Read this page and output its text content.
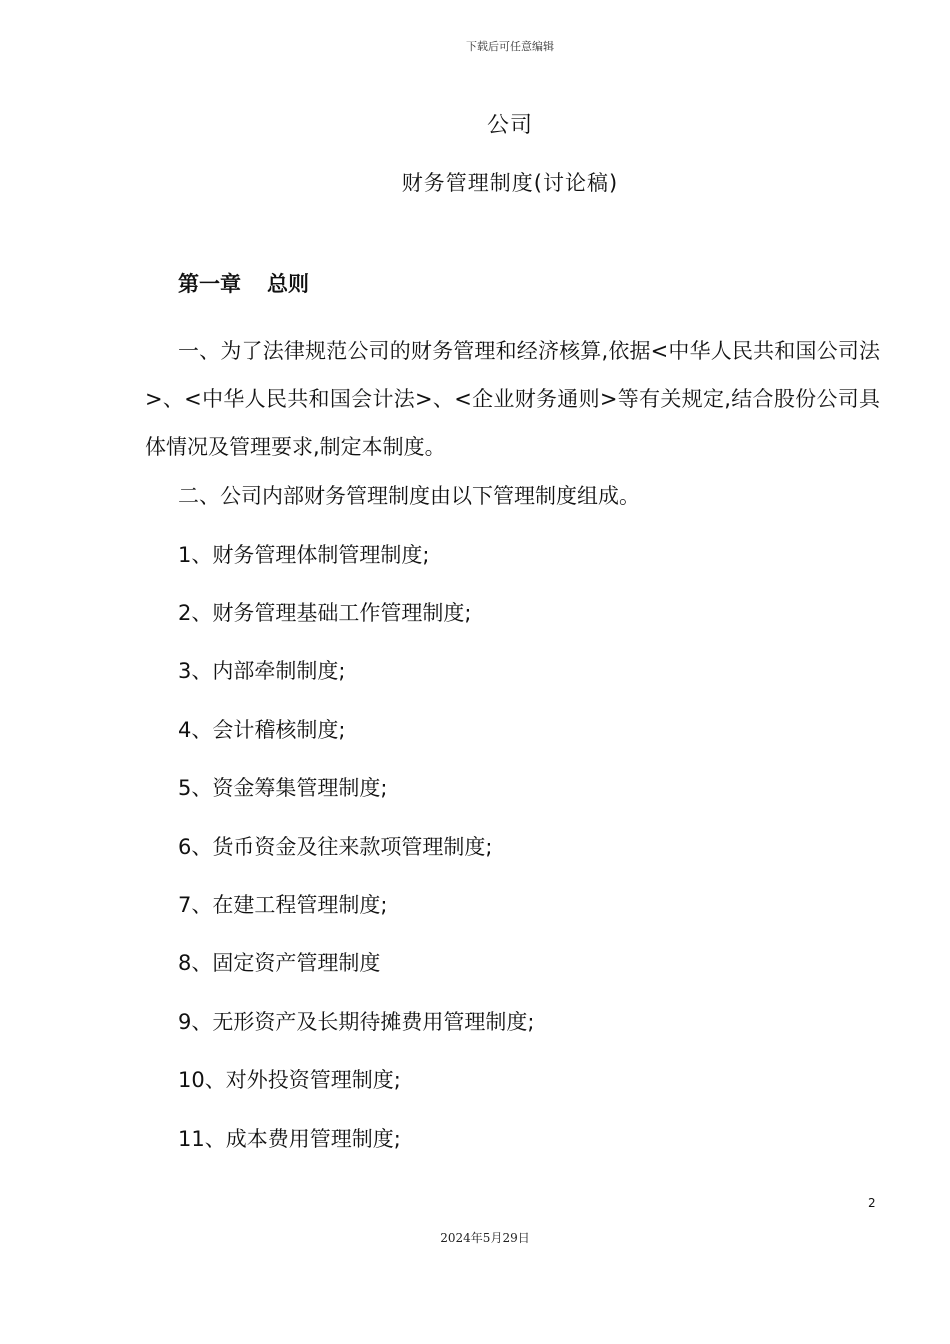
下载后可任意编辑
公司
财务管理制度(讨论稿)
第一章 总则
一、为了法律规范公司的财务管理和经济核算,依据<中华人民共和国公司法>、<中华人民共和国会计法>、<企业财务通则>等有关规定,结合股份公司具体情况及管理要求,制定本制度。
二、公司内部财务管理制度由以下管理制度组成。
1、财务管理体制管理制度;
2、财务管理基础工作管理制度;
3、内部牵制制度;
4、会计稽核制度;
5、资金筹集管理制度;
6、货币资金及往来款项管理制度;
7、在建工程管理制度;
8、固定资产管理制度
9、无形资产及长期待摊费用管理制度;
10、对外投资管理制度;
11、成本费用管理制度;
2
2024年5月29日
